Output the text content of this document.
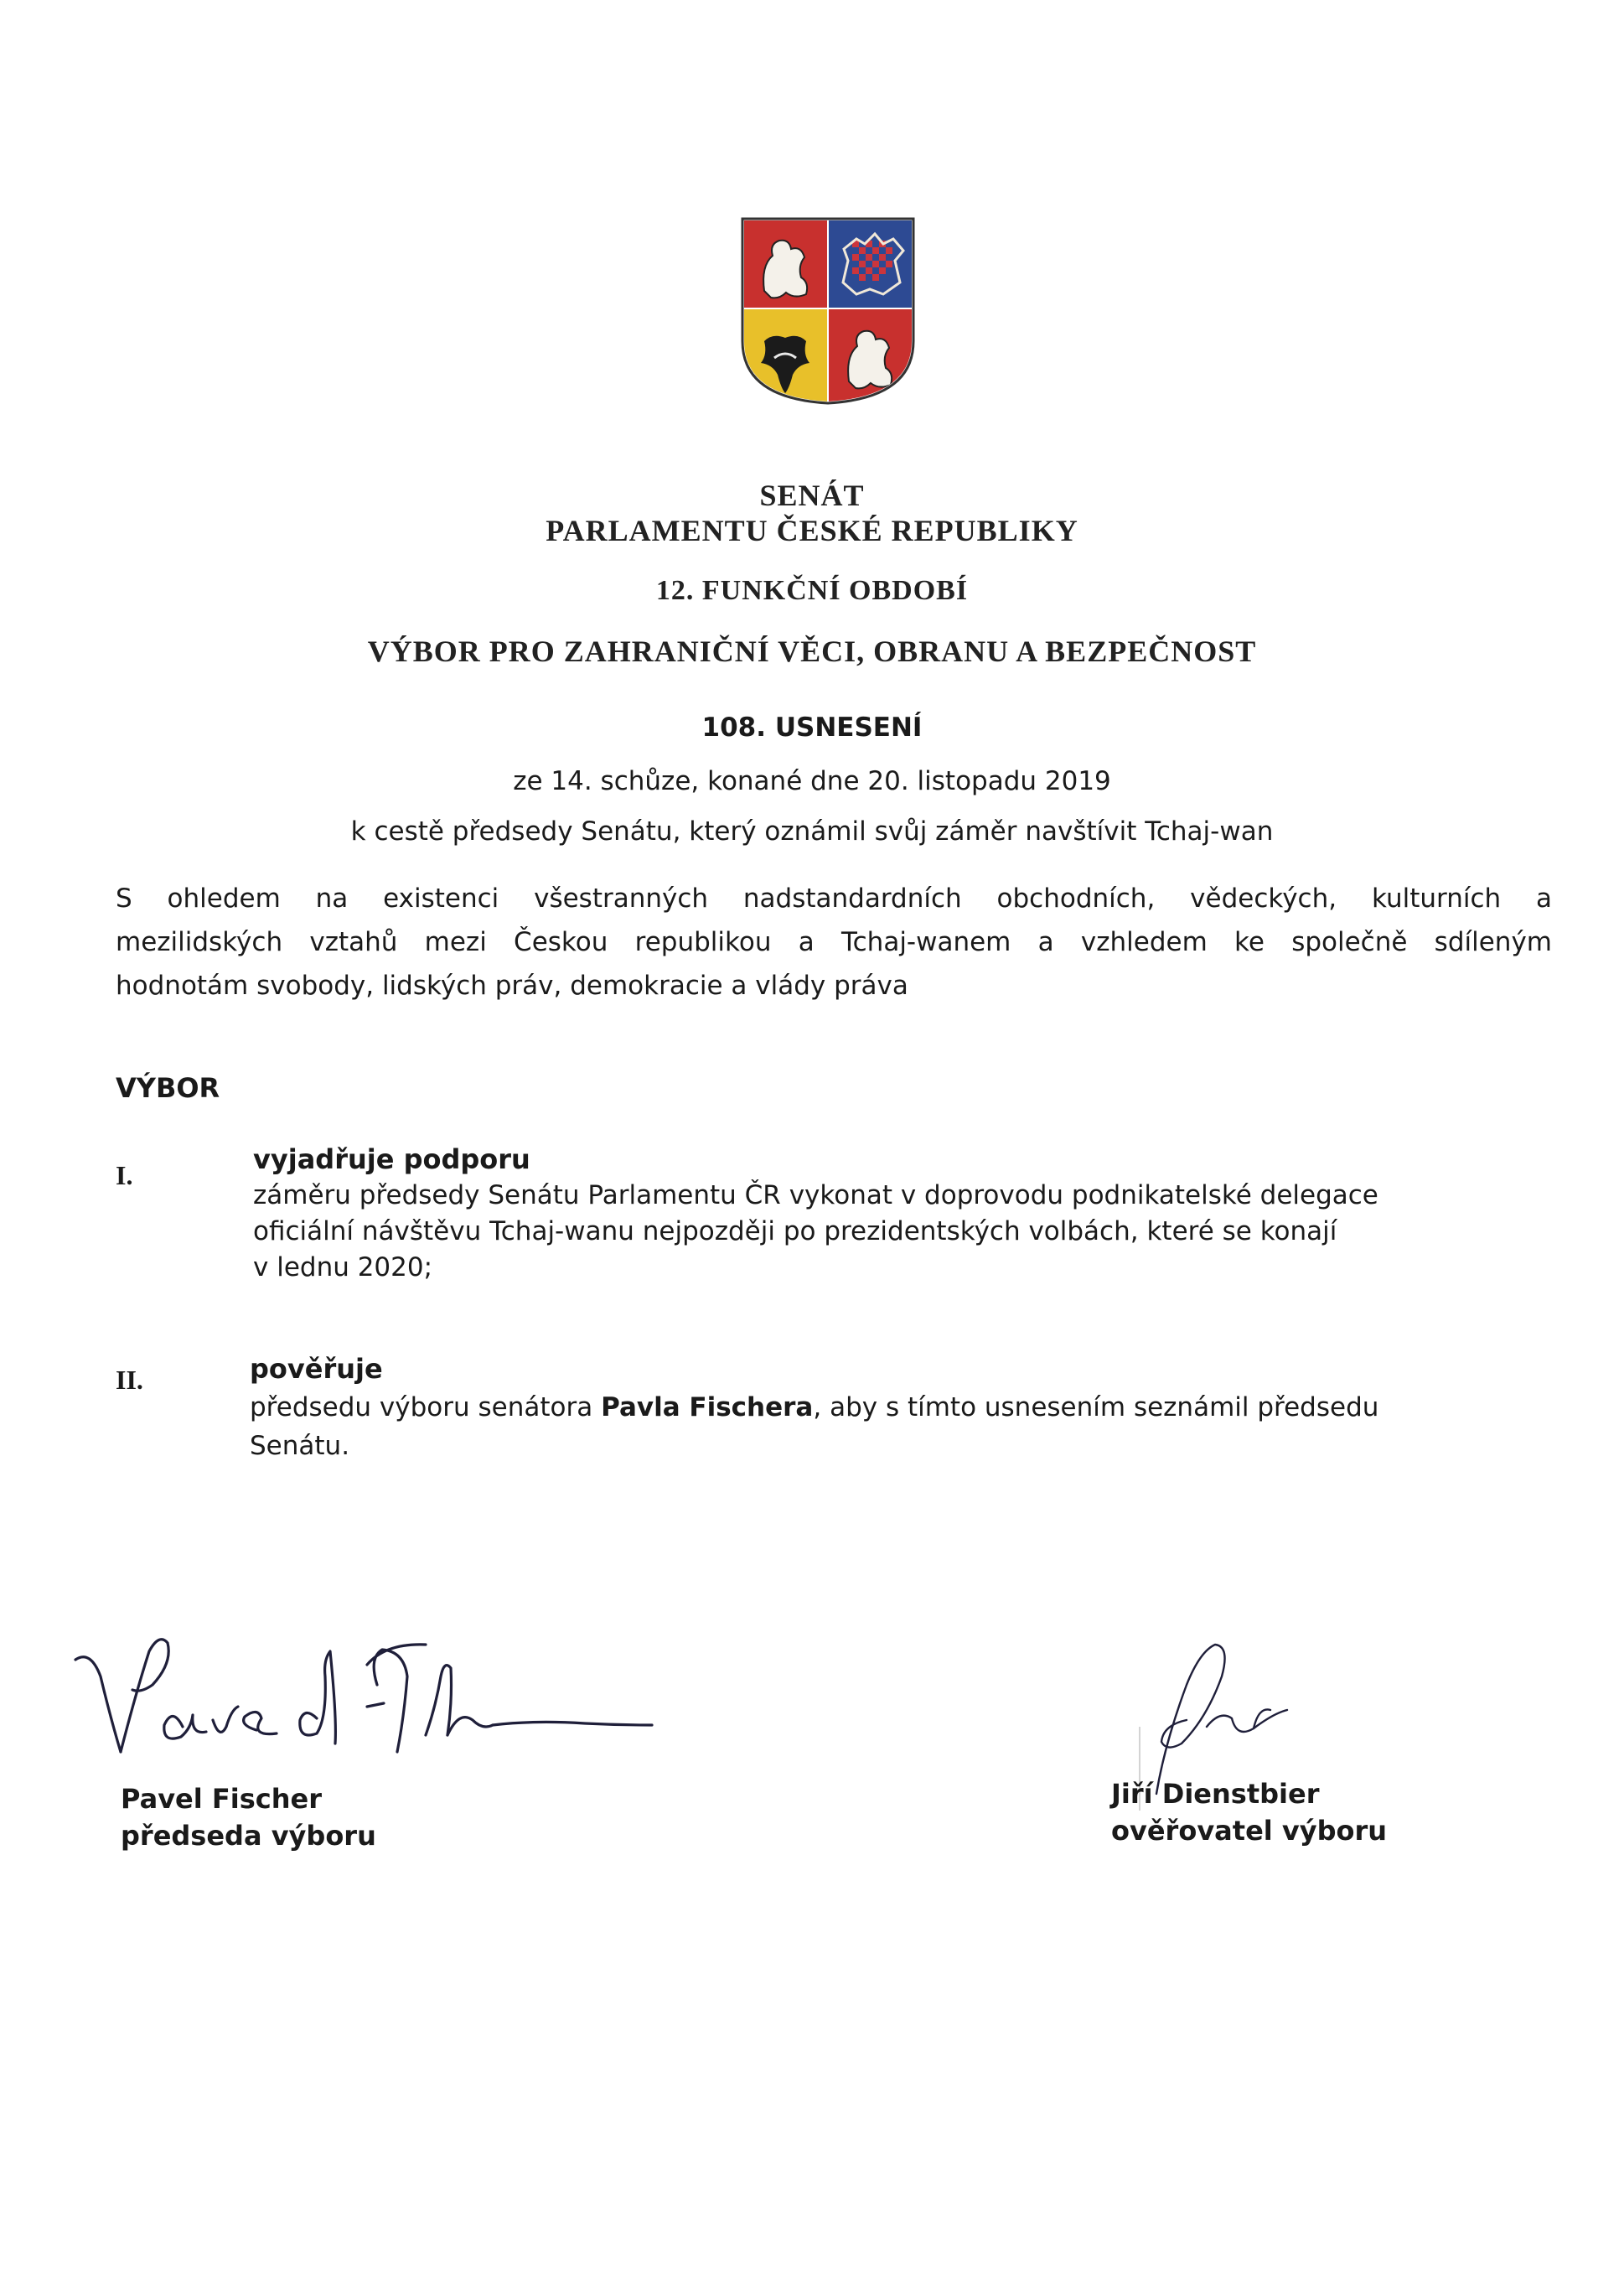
SENÁT
PARLAMENTU ČESKÉ REPUBLIKY
12. FUNKČNÍ OBDOBÍ
VÝBOR PRO ZAHRANIČNÍ VĚCI, OBRANU A BEZPEČNOST
108. USNESENÍ
ze 14. schůze, konané dne 20. listopadu 2019
k cestě předsedy Senátu, který oznámil svůj záměr navštívit Tchaj-wan
S ohledem na existenci všestranných nadstandardních obchodních, vědeckých, kulturních a
mezilidských vztahů mezi Českou republikou a Tchaj-wanem a vzhledem ke společně sdíleným
hodnotám svobody, lidských práv, demokracie a vlády práva
VÝBOR
I.	vyjadřuje podporu
záměru předsedy Senátu Parlamentu ČR vykonat v doprovodu podnikatelské delegace
oficiální návštěvu Tchaj-wanu nejpozději po prezidentských volbách, které se konají
v lednu 2020;
II.	pověřuje
předsedu výboru senátora Pavla Fischera, aby s tímto usnesením seznámil předsedu
Senátu.
Pavel Fischer
předseda výboru
Jiří Dienstbier
ověřovatel výboru
